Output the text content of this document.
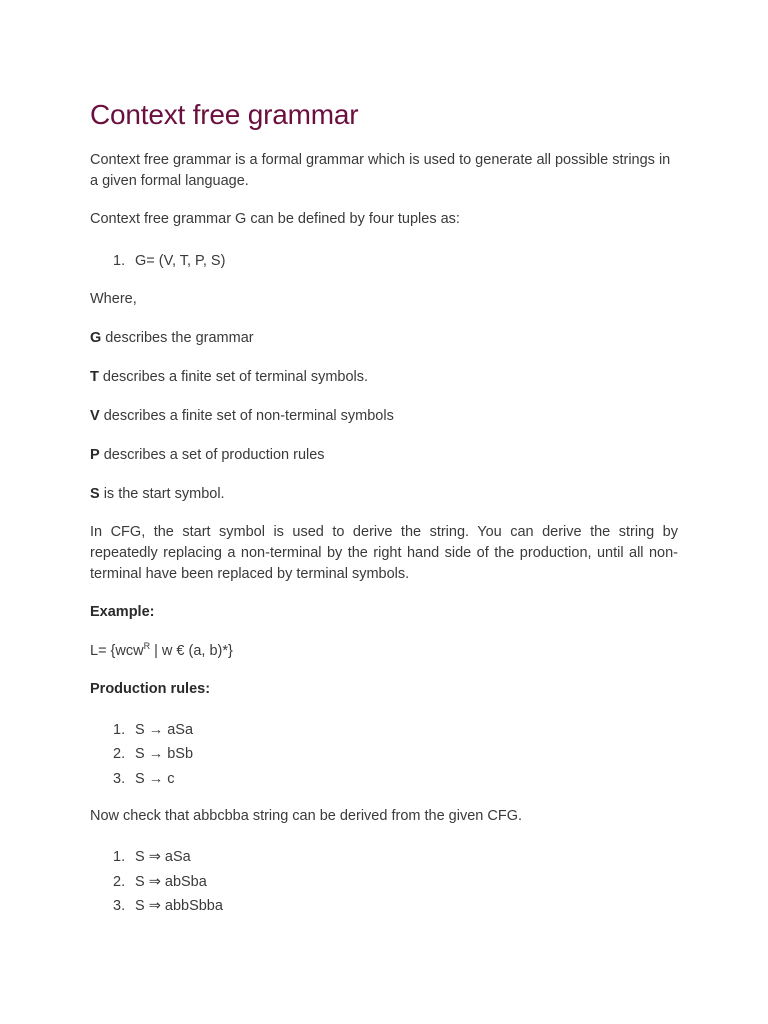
Context free grammar

Context free grammar is a formal grammar which is used to generate all possible strings in a given formal language.

Context free grammar G can be defined by four tuples as:

1. G= (V, T, P, S)

Where,

G describes the grammar

T describes a finite set of terminal symbols.

V describes a finite set of non-terminal symbols

P describes a set of production rules

S is the start symbol.

In CFG, the start symbol is used to derive the string. You can derive the string by repeatedly replacing a non-terminal by the right hand side of the production, until all non-terminal have been replaced by terminal symbols.

Example:

L= {wcw$^R$ | w € (a, b)*}

Production rules:

1. S → aSa
2. S → bSb
3. S → c

Now check that abbcbba string can be derived from the given CFG.

1. S ⇒ aSa
2. S ⇒ abSba
3. S ⇒ abbSbba
